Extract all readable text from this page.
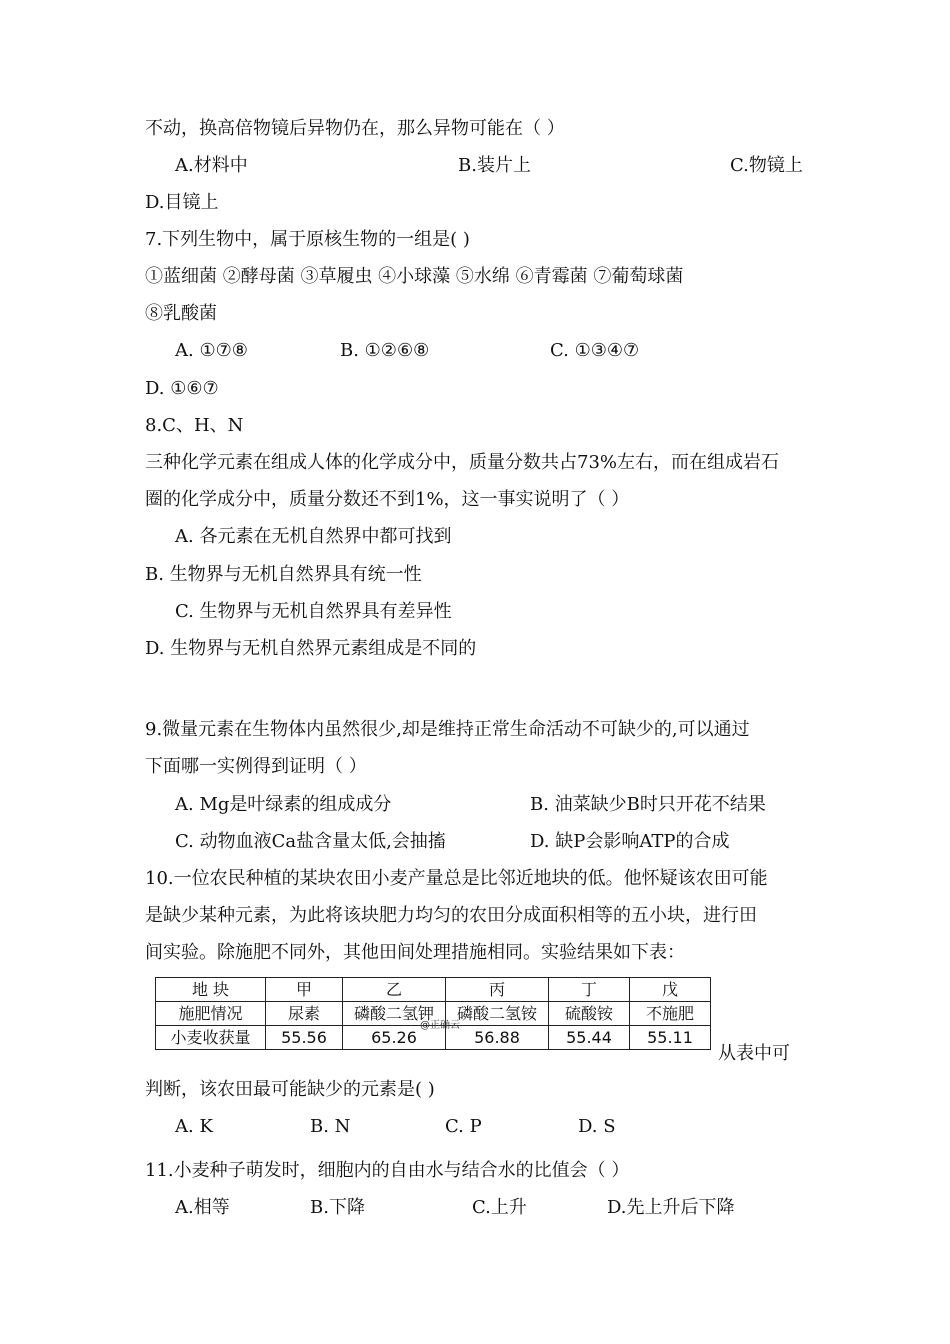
不动，换高倍物镜后异物仍在，那么异物可能在（ ）
A.材料中	B.装片上	C.物镜上
D.目镜上
7.下列生物中，属于原核生物的一组是( )
①蓝细菌 ②酵母菌 ③草履虫 ④小球藻 ⑤水绵 ⑥青霉菌 ⑦葡萄球菌
⑧乳酸菌
A. ①⑦⑧	B. ①②⑥⑧	C. ①③④⑦
D. ①⑥⑦
8.C、H、N
三种化学元素在组成人体的化学成分中，质量分数共占73%左右，而在组成岩石
圈的化学成分中，质量分数还不到1%，这一事实说明了（ ）
A. 各元素在无机自然界中都可找到
B. 生物界与无机自然界具有统一性
C. 生物界与无机自然界具有差异性
D. 生物界与无机自然界元素组成是不同的
9.微量元素在生物体内虽然很少,却是维持正常生命活动不可缺少的,可以通过
下面哪一实例得到证明（ ）
A. Mg是叶绿素的组成成分	B. 油菜缺少B时只开花不结果
C. 动物血液Ca盐含量太低,会抽搐	D. 缺P会影响ATP的合成
10.一位农民种植的某块农田小麦产量总是比邻近地块的低。他怀疑该农田可能
是缺少某种元素，为此将该块肥力均匀的农田分成面积相等的五小块，进行田
间实验。除施肥不同外，其他田间处理措施相同。实验结果如下表：
从表中可
判断，该农田最可能缺少的元素是( )
A. K	B. N	C. P	D. S
11.小麦种子萌发时，细胞内的自由水与结合水的比值会（ ）
A.相等	B.下降	C.上升	D.先上升后下降
地 块	甲	乙	丙	丁	戊
施肥情况	尿素	磷酸二氢钾	磷酸二氢铵	硫酸铵	不施肥
小麦收获量	55.56	65.26	56.88	55.44	55.11
@正确云
